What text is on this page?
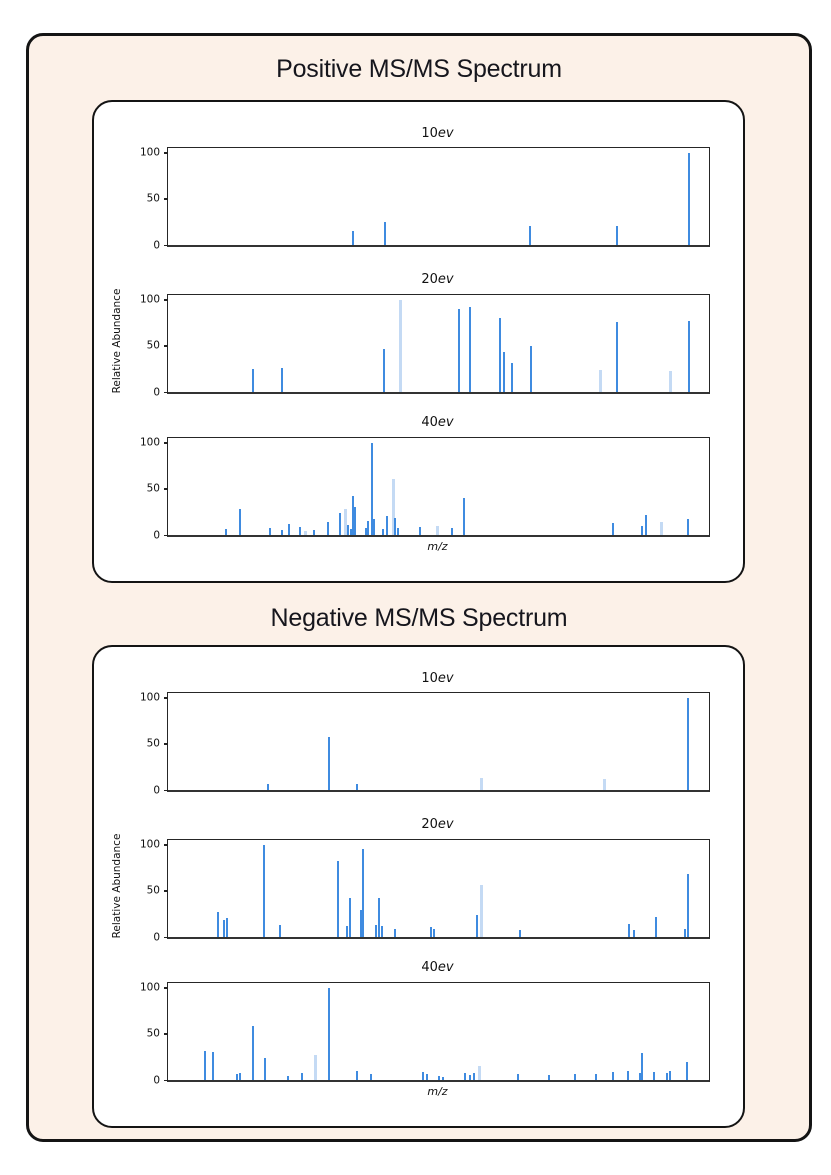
Positive MS/MS Spectrum
Relative Abundance
10ev
0
50
100
20ev
0
50
100
40ev
0
50
100
m/z
Negative MS/MS Spectrum
Relative Abundance
10ev
0
50
100
20ev
0
50
100
40ev
0
50
100
m/z
